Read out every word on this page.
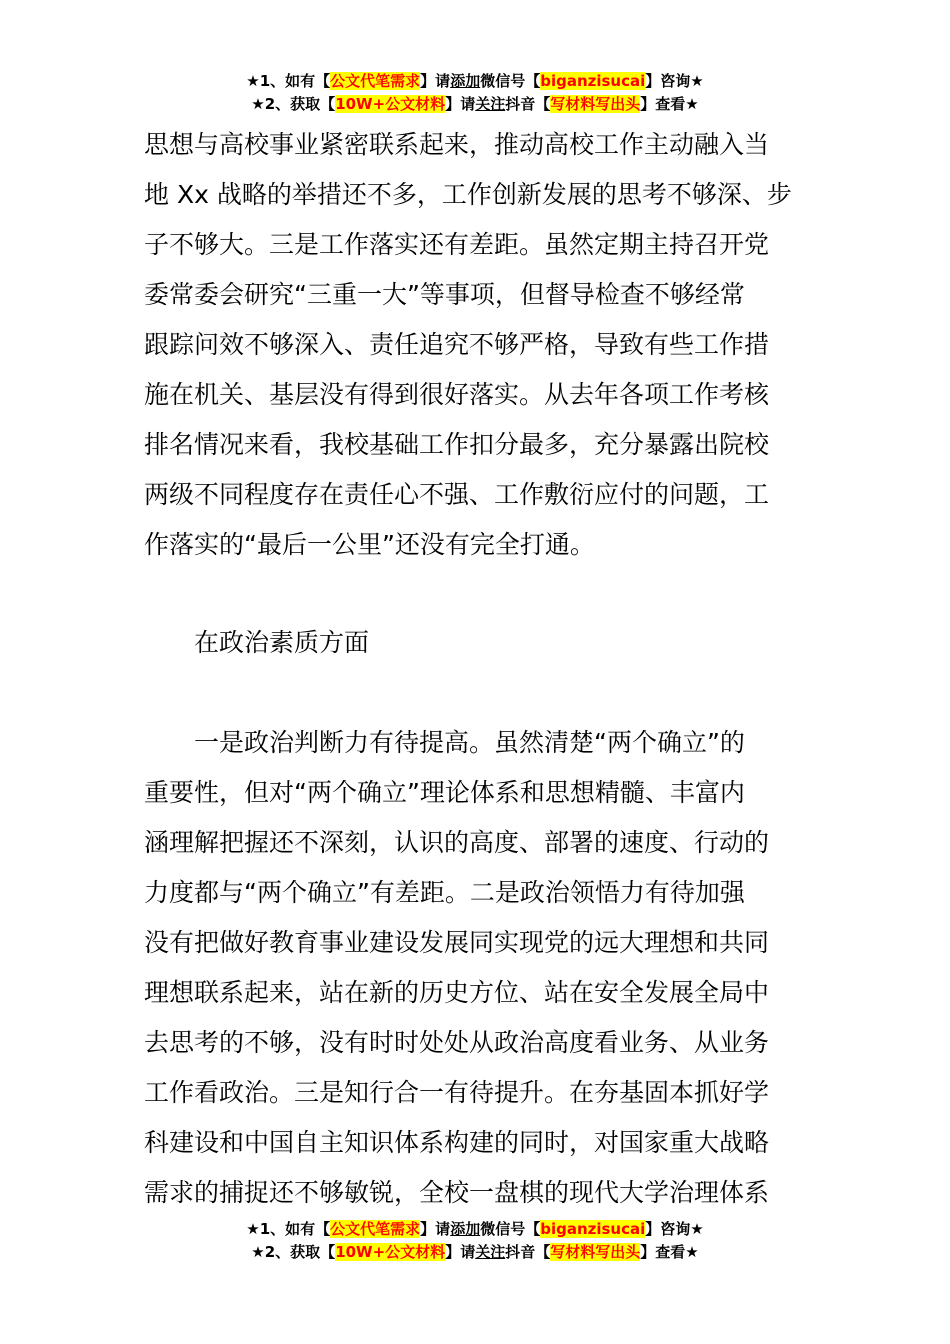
★1、如有【公文代笔需求】请添加微信号【biganzisucai】咨询★
★2、获取【10W+公文材料】请关注抖音【写材料写出头】查看★
思想与高校事业紧密联系起来，推动高校工作主动融入当
地 Xx 战略的举措还不多，工作创新发展的思考不够深、步
子不够大。三是工作落实还有差距。虽然定期主持召开党
委常委会研究“三重一大”等事项，但督导检查不够经常
跟踪问效不够深入、责任追究不够严格，导致有些工作措
施在机关、基层没有得到很好落实。从去年各项工作考核
排名情况来看，我校基础工作扣分最多，充分暴露出院校
两级不同程度存在责任心不强、工作敷衍应付的问题，工
作落实的“最后一公里”还没有完全打通。
在政治素质方面
一是政治判断力有待提高。虽然清楚“两个确立”的
重要性，但对“两个确立”理论体系和思想精髓、丰富内
涵理解把握还不深刻，认识的高度、部署的速度、行动的
力度都与“两个确立”有差距。二是政治领悟力有待加强
没有把做好教育事业建设发展同实现党的远大理想和共同
理想联系起来，站在新的历史方位、站在安全发展全局中
去思考的不够，没有时时处处从政治高度看业务、从业务
工作看政治。三是知行合一有待提升。在夯基固本抓好学
科建设和中国自主知识体系构建的同时，对国家重大战略
需求的捕捉还不够敏锐，全校一盘棋的现代大学治理体系
★1、如有【公文代笔需求】请添加微信号【biganzisucai】咨询★
★2、获取【10W+公文材料】请关注抖音【写材料写出头】查看★
